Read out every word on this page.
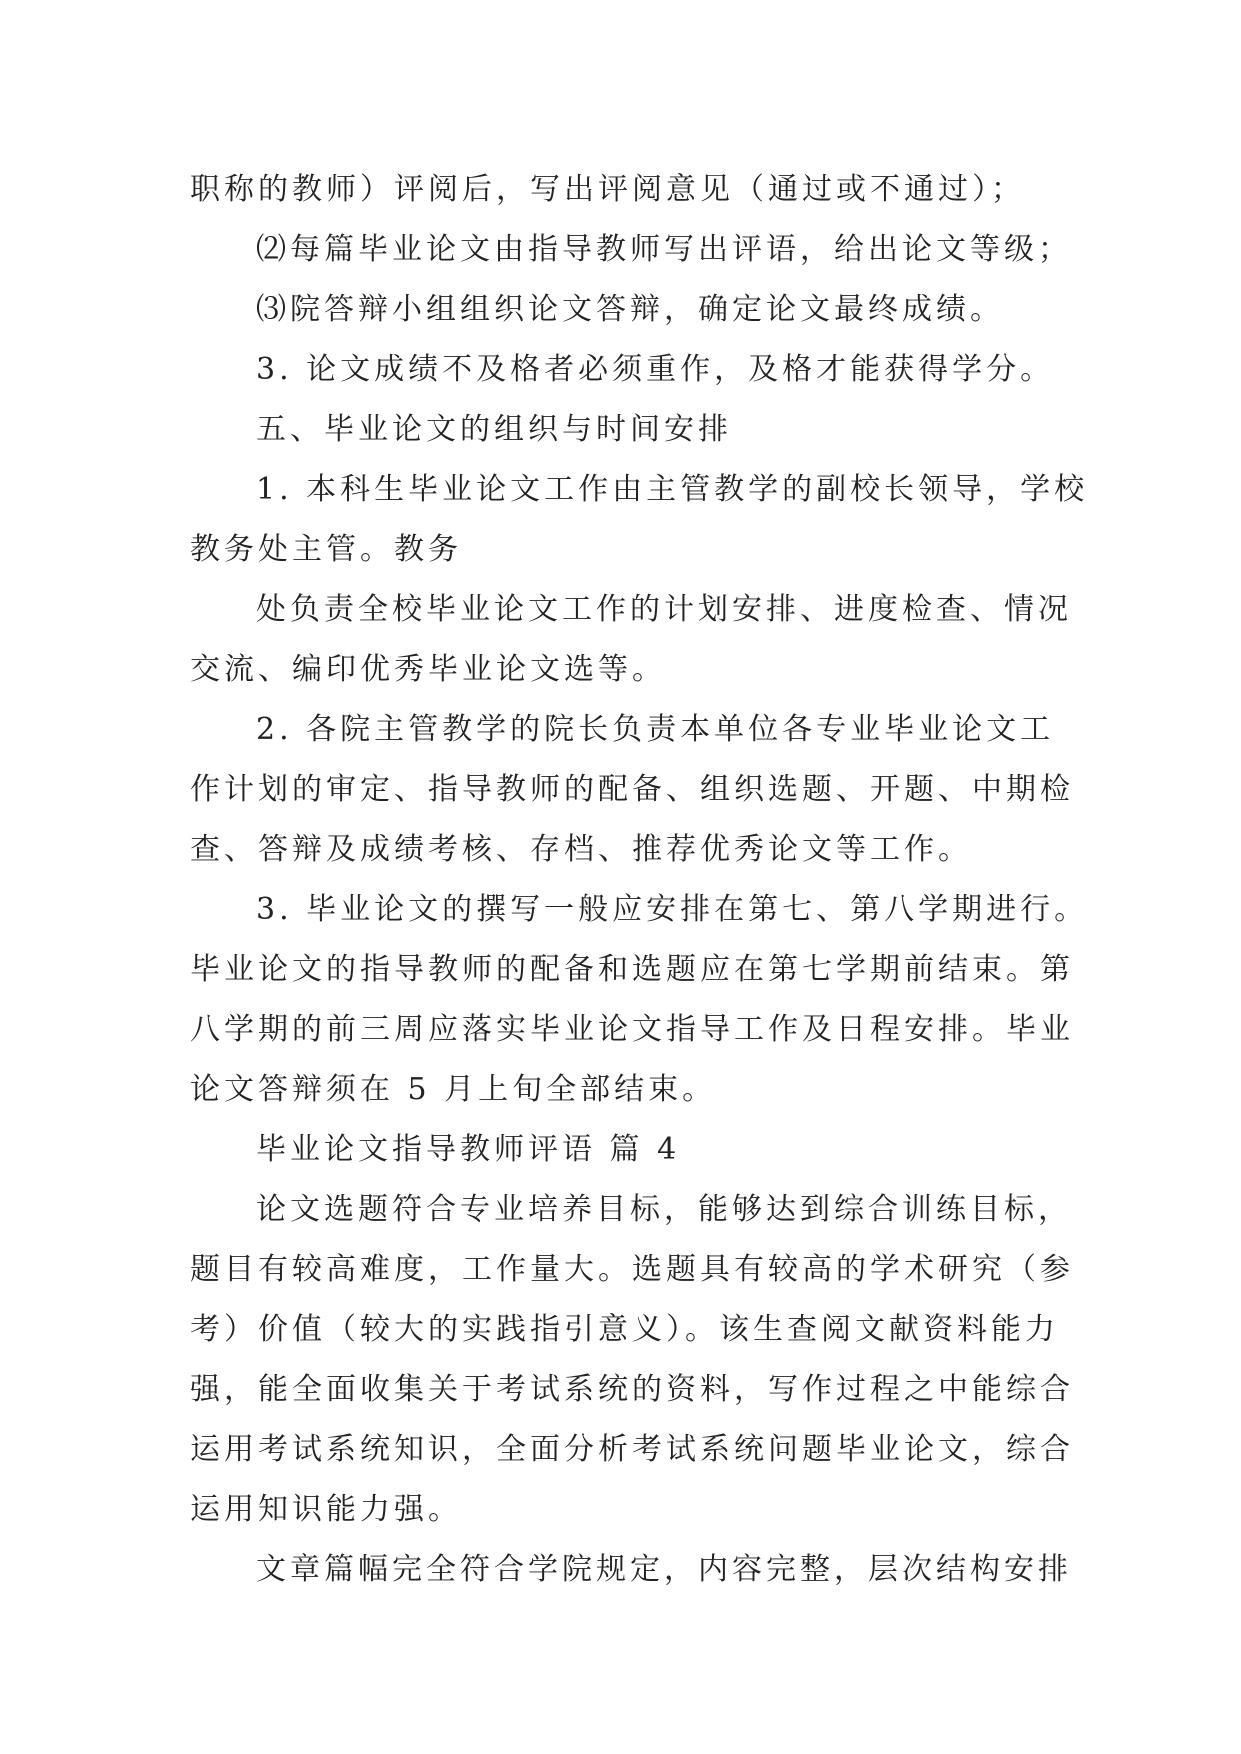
职称的教师）评阅后，写出评阅意见（通过或不通过）；
⑵每篇毕业论文由指导教师写出评语，给出论文等级；
⑶院答辩小组组织论文答辩，确定论文最终成绩。
3. 论文成绩不及格者必须重作，及格才能获得学分。
五、毕业论文的组织与时间安排
1. 本科生毕业论文工作由主管教学的副校长领导，学校
教务处主管。教务
处负责全校毕业论文工作的计划安排、进度检查、情况
交流、编印优秀毕业论文选等。
2. 各院主管教学的院长负责本单位各专业毕业论文工
作计划的审定、指导教师的配备、组织选题、开题、中期检
查、答辩及成绩考核、存档、推荐优秀论文等工作。
3. 毕业论文的撰写一般应安排在第七、第八学期进行。
毕业论文的指导教师的配备和选题应在第七学期前结束。第
八学期的前三周应落实毕业论文指导工作及日程安排。毕业
论文答辩须在 5 月上旬全部结束。
毕业论文指导教师评语 篇 4
论文选题符合专业培养目标，能够达到综合训练目标，
题目有较高难度，工作量大。选题具有较高的学术研究（参
考）价值（较大的实践指引意义）。该生查阅文献资料能力
强，能全面收集关于考试系统的资料，写作过程之中能综合
运用考试系统知识，全面分析考试系统问题毕业论文，综合
运用知识能力强。
文章篇幅完全符合学院规定，内容完整，层次结构安排
